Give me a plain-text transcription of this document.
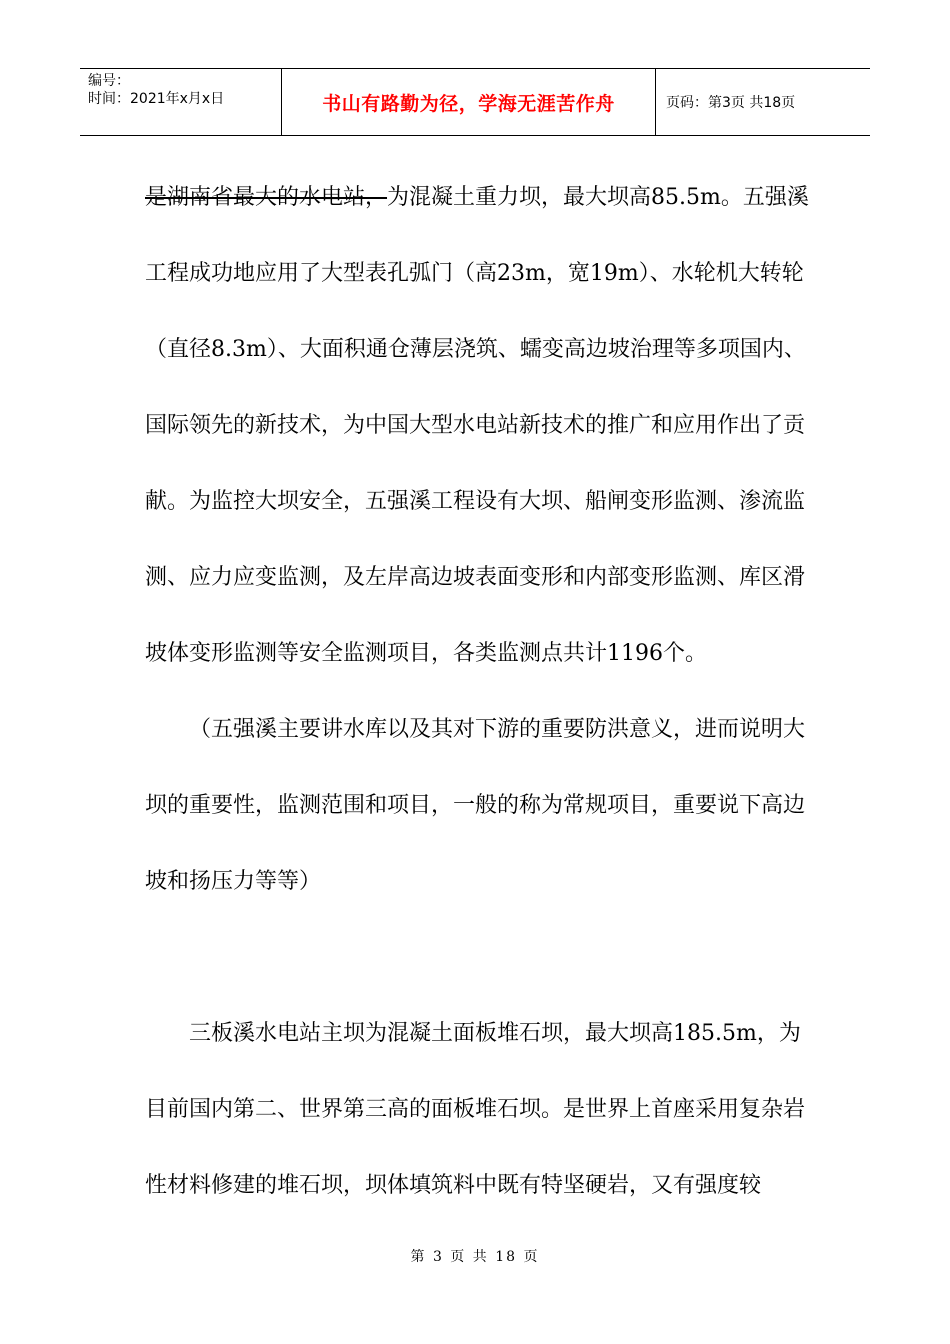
编号：
时间：2021年x月x日	书山有路勤为径，学海无涯苦作舟	页码：第3页 共18页

是湖南省最大的水电站，为混凝土重力坝，最大坝高85.5m。五强溪工程成功地应用了大型表孔弧门（高23m，宽19m）、水轮机大转轮（直径8.3m）、大面积通仓薄层浇筑、蠕变高边坡治理等多项国内、国际领先的新技术，为中国大型水电站新技术的推广和应用作出了贡献。为监控大坝安全，五强溪工程设有大坝、船闸变形监测、渗流监测、应力应变监测，及左岸高边坡表面变形和内部变形监测、库区滑坡体变形监测等安全监测项目，各类监测点共计1196个。

（五强溪主要讲水库以及其对下游的重要防洪意义，进而说明大坝的重要性，监测范围和项目，一般的称为常规项目，重要说下高边坡和扬压力等等）

三板溪水电站主坝为混凝土面板堆石坝，最大坝高185.5m，为目前国内第二、世界第三高的面板堆石坝。是世界上首座采用复杂岩性材料修建的堆石坝，坝体填筑料中既有特坚硬岩，又有强度较

第 3 页 共 18 页
